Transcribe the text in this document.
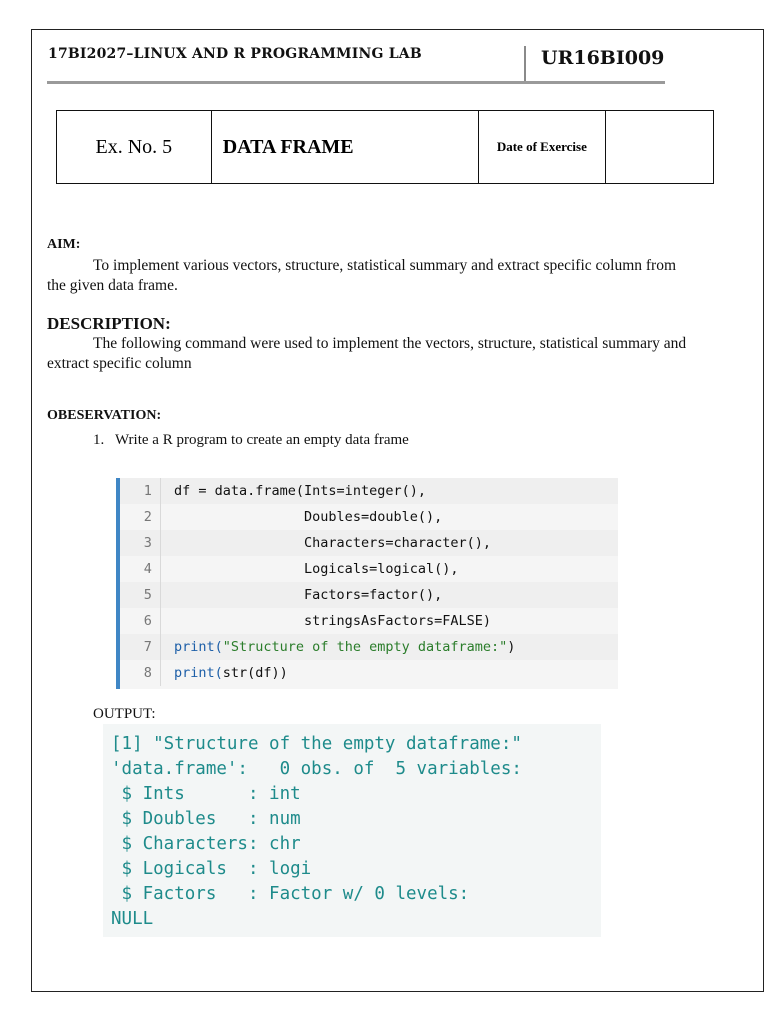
17BI2027–LINUX AND R PROGRAMMING LAB	UR16BI009
Ex. No. 5	DATA FRAME	Date of Exercise	
AIM:
To implement various vectors, structure, statistical summary and extract specific column from the given data frame.
DESCRIPTION:
The following command were used to implement the vectors, structure, statistical summary and extract specific column
OBESERVATION:
1. Write a R program to create an empty data frame
1 df = data.frame(Ints=integer(),
2	Doubles=double(),
3	Characters=character(),
4	Logicals=logical(),
5	Factors=factor(),
6	stringsAsFactors=FALSE)
7 print("Structure of the empty dataframe:")
8 print(str(df))
OUTPUT:
[1] "Structure of the empty dataframe:"
'data.frame':   0 obs. of  5 variables:
$ Ints      : int
$ Doubles   : num
$ Characters: chr
$ Logicals  : logi
$ Factors   : Factor w/ 0 levels:
NULL
